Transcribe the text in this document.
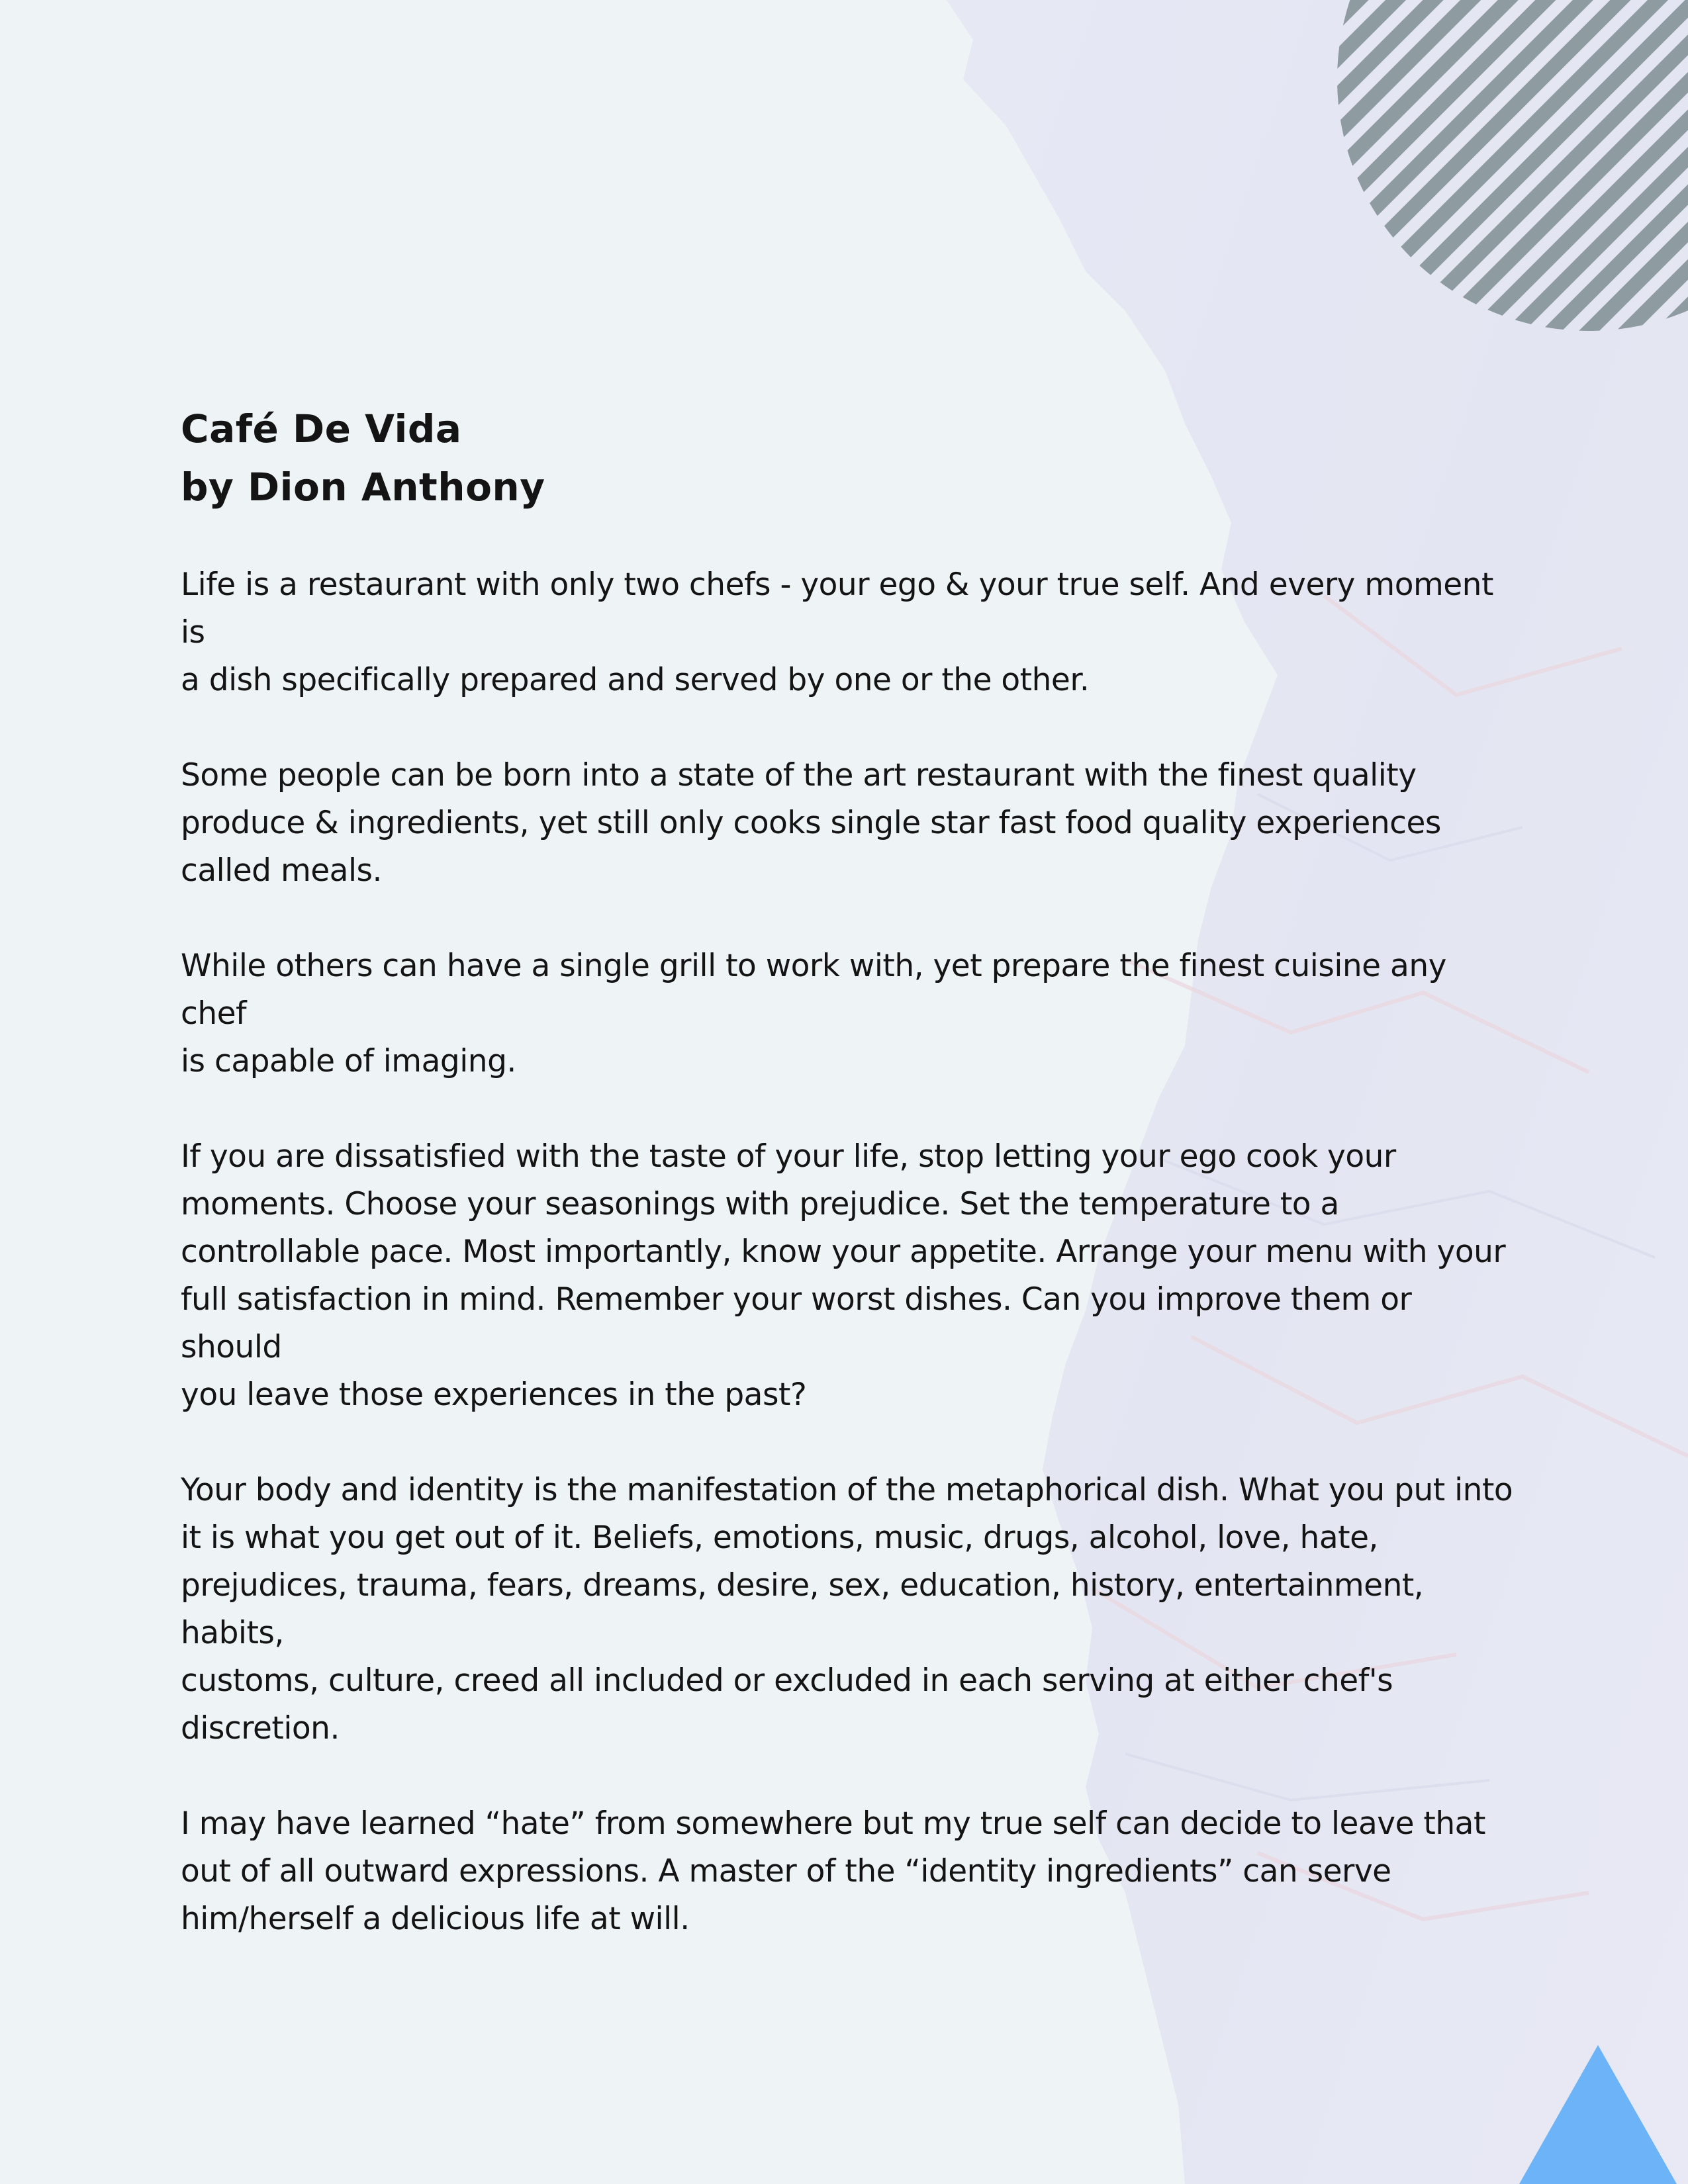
Café De Vida
by Dion Anthony

Life is a restaurant with only two chefs - your ego & your true self. And every moment is
a dish specifically prepared and served by one or the other.

Some people can be born into a state of the art restaurant with the finest quality
produce & ingredients, yet still only cooks single star fast food quality experiences
called meals.

While others can have a single grill to work with, yet prepare the finest cuisine any chef
is capable of imaging.

If you are dissatisfied with the taste of your life, stop letting your ego cook your
moments. Choose your seasonings with prejudice. Set the temperature to a
controllable pace. Most importantly, know your appetite. Arrange your menu with your
full satisfaction in mind. Remember your worst dishes. Can you improve them or should
you leave those experiences in the past?

Your body and identity is the manifestation of the metaphorical dish. What you put into
it is what you get out of it. Beliefs, emotions, music, drugs, alcohol, love, hate,
prejudices, trauma, fears, dreams, desire, sex, education, history, entertainment, habits,
customs, culture, creed all included or excluded in each serving at either chef's
discretion.

I may have learned “hate” from somewhere but my true self can decide to leave that
out of all outward expressions. A master of the “identity ingredients” can serve
him/herself a delicious life at will.
